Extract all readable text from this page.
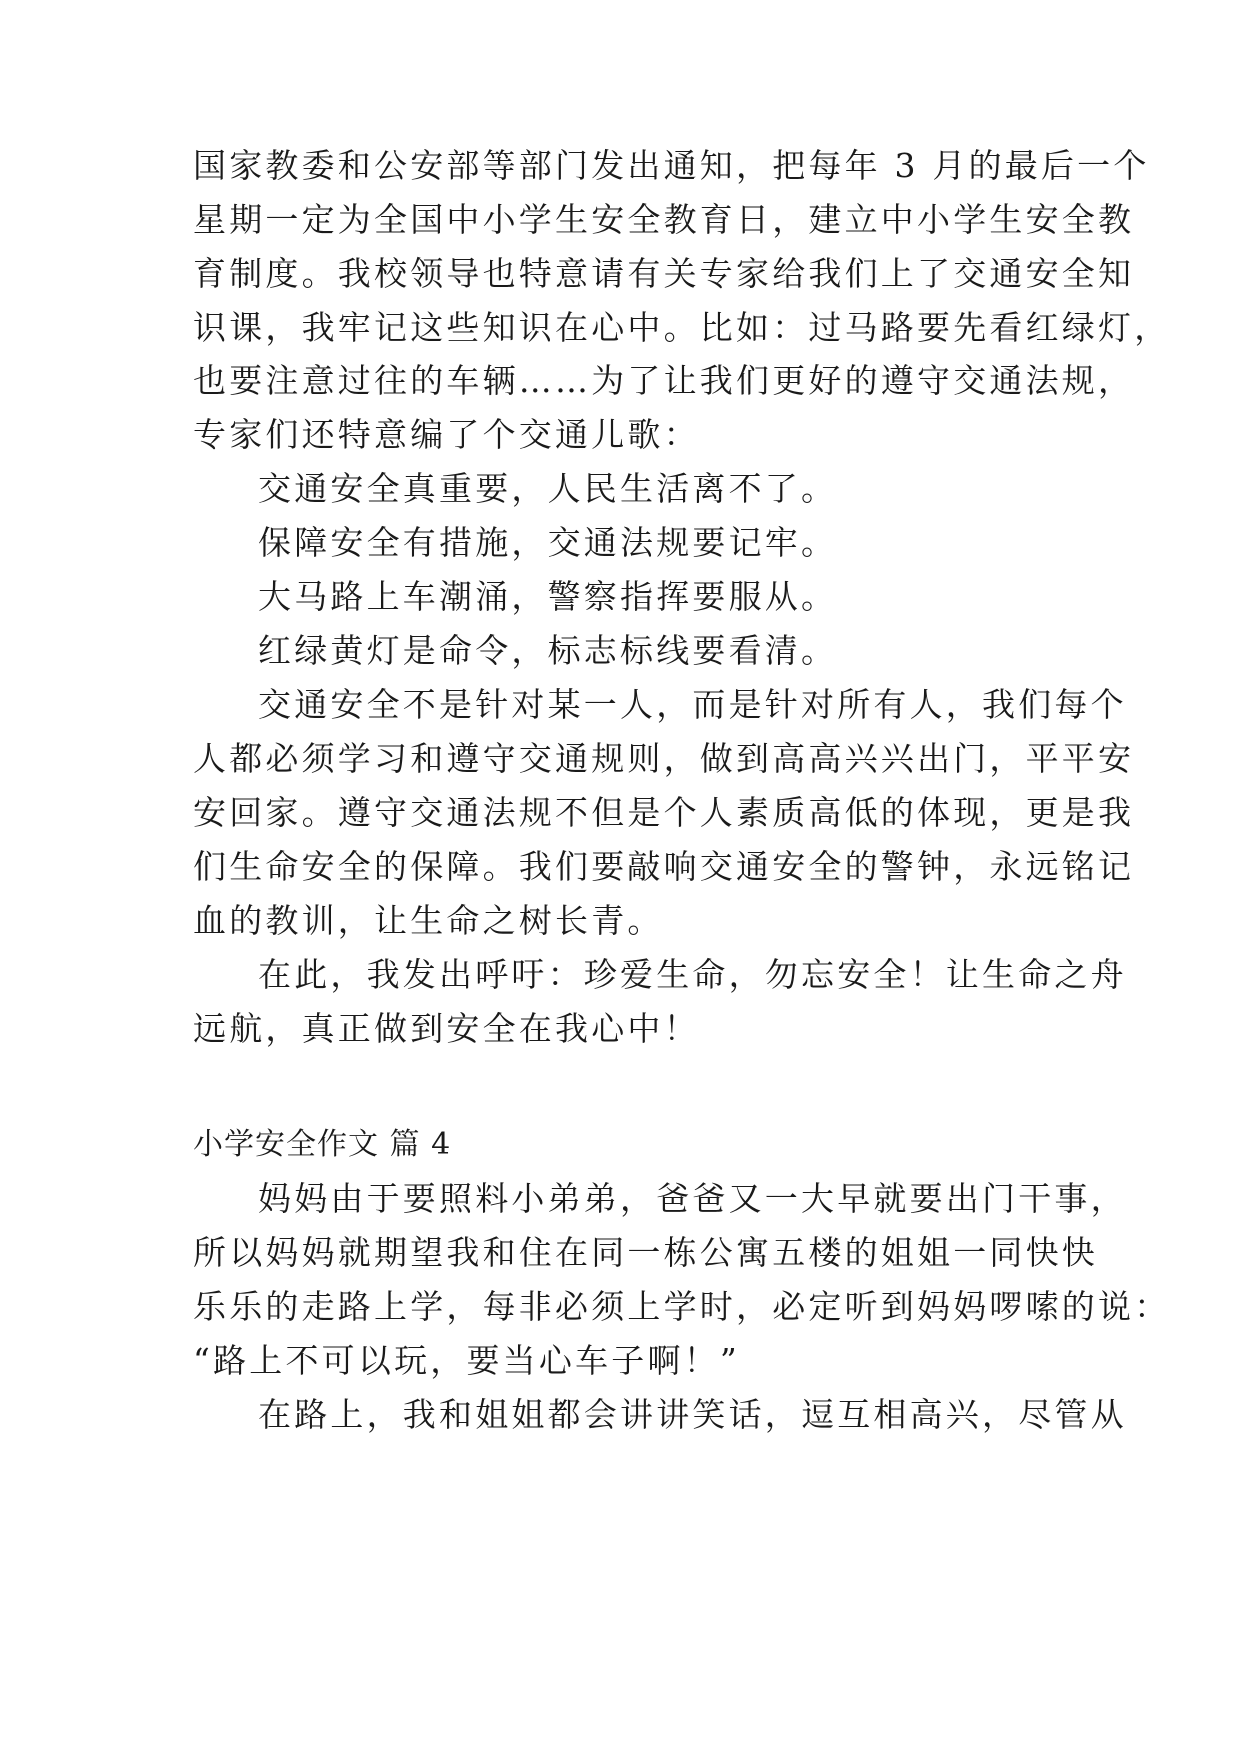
国家教委和公安部等部门发出通知，把每年 3 月的最后一个
星期一定为全国中小学生安全教育日，建立中小学生安全教
育制度。我校领导也特意请有关专家给我们上了交通安全知
识课，我牢记这些知识在心中。比如：过马路要先看红绿灯，
也要注意过往的车辆……为了让我们更好的遵守交通法规，
专家们还特意编了个交通儿歌：
交通安全真重要，人民生活离不了。
保障安全有措施，交通法规要记牢。
大马路上车潮涌，警察指挥要服从。
红绿黄灯是命令，标志标线要看清。
交通安全不是针对某一人，而是针对所有人，我们每个
人都必须学习和遵守交通规则，做到高高兴兴出门，平平安
安回家。遵守交通法规不但是个人素质高低的体现，更是我
们生命安全的保障。我们要敲响交通安全的警钟，永远铭记
血的教训，让生命之树长青。
在此，我发出呼吁：珍爱生命，勿忘安全！让生命之舟
远航，真正做到安全在我心中！
小学安全作文 篇 4
妈妈由于要照料小弟弟，爸爸又一大早就要出门干事，
所以妈妈就期望我和住在同一栋公寓五楼的姐姐一同快快
乐乐的走路上学，每非必须上学时，必定听到妈妈啰嗦的说：
“路上不可以玩，要当心车子啊！”
在路上，我和姐姐都会讲讲笑话，逗互相高兴，尽管从
